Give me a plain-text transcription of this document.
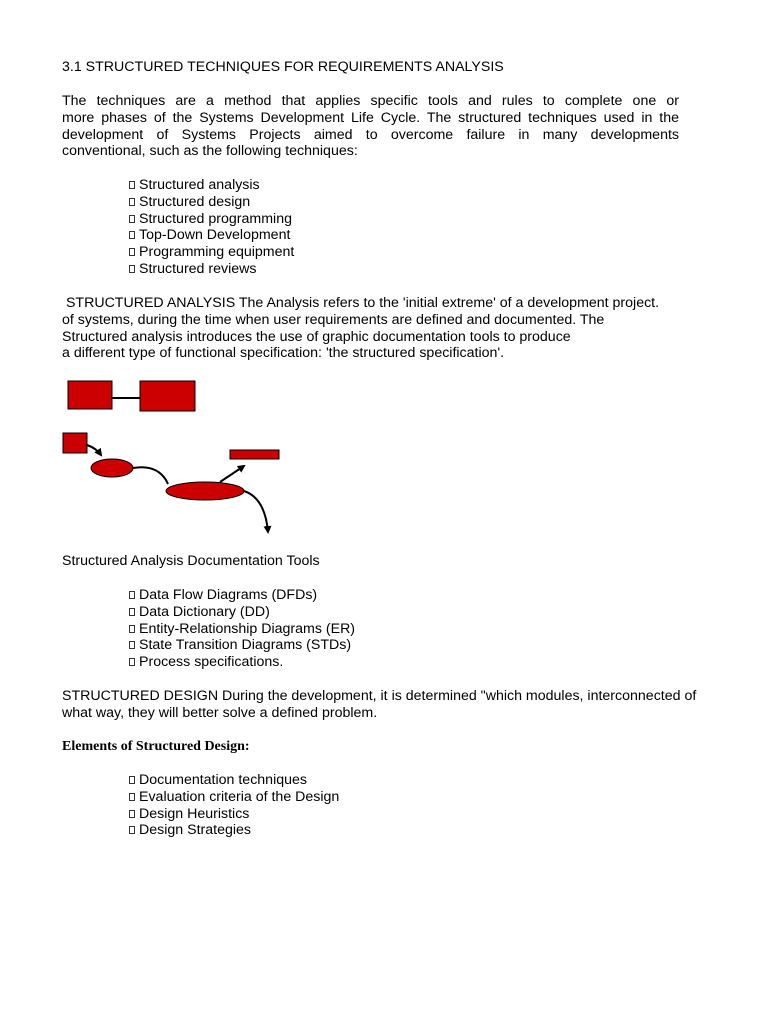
3.1 STRUCTURED TECHNIQUES FOR REQUIREMENTS ANALYSIS
The techniques are a method that applies specific tools and rules to complete one or
more phases of the Systems Development Life Cycle. The structured techniques used in the
development of Systems Projects aimed to overcome failure in many developments
conventional, such as the following techniques:
Structured analysis
Structured design
Structured programming
Top-Down Development
Programming equipment
Structured reviews
STRUCTURED ANALYSIS The Analysis refers to the 'initial extreme' of a development project.
of systems, during the time when user requirements are defined and documented. The
Structured analysis introduces the use of graphic documentation tools to produce
a different type of functional specification: 'the structured specification'.
Structured Analysis Documentation Tools
Data Flow Diagrams (DFDs)
Data Dictionary (DD)
Entity-Relationship Diagrams (ER)
State Transition Diagrams (STDs)
Process specifications.
STRUCTURED DESIGN During the development, it is determined "which modules, interconnected of
what way, they will better solve a defined problem.
Elements of Structured Design:
Documentation techniques
Evaluation criteria of the Design
Design Heuristics
Design Strategies
